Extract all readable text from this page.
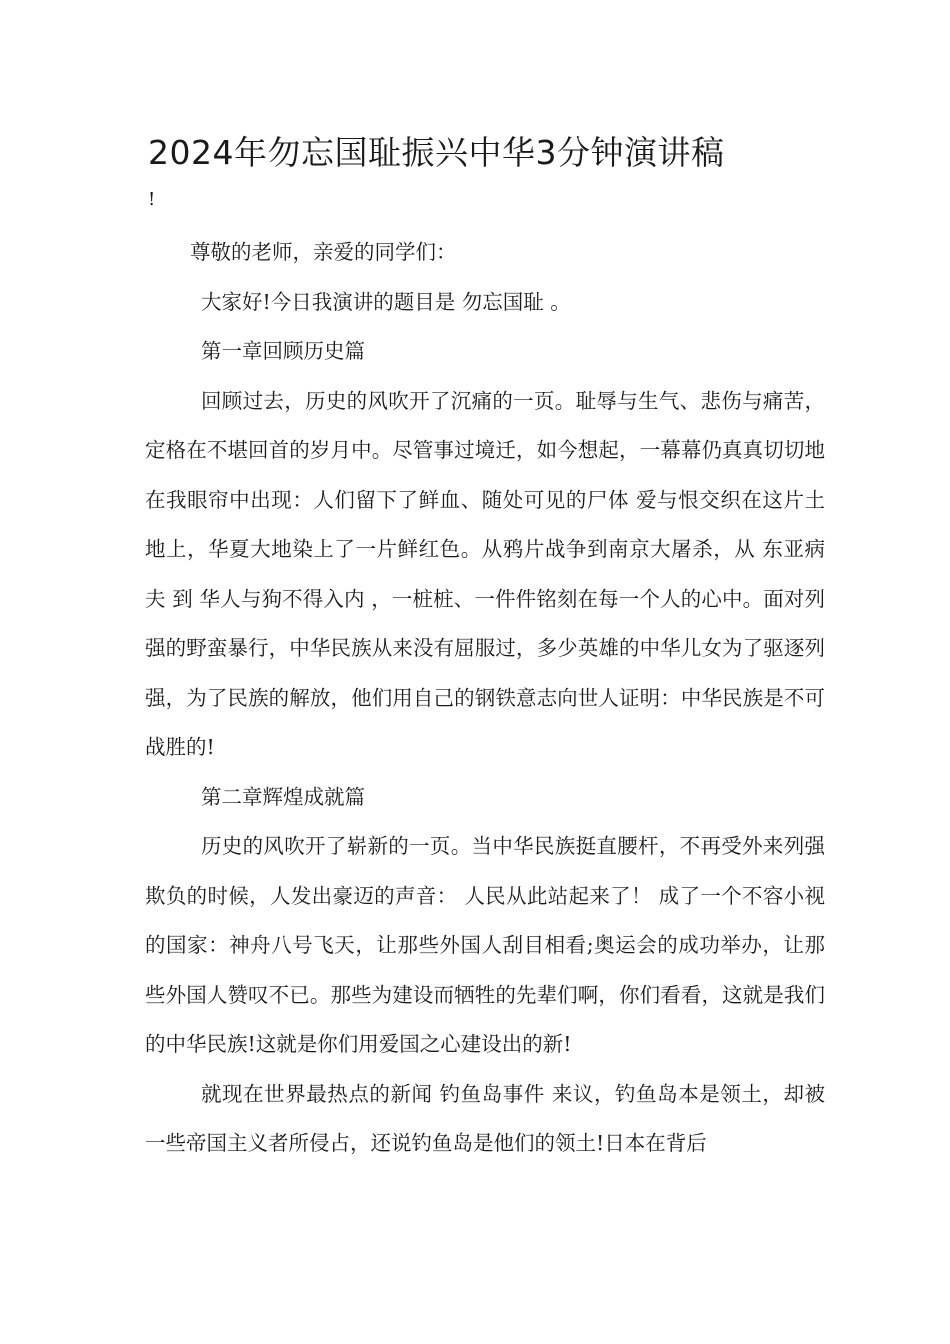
2024年勿忘国耻振兴中华3分钟演讲稿
!

尊敬的老师，亲爱的同学们：

大家好!今日我演讲的题目是 勿忘国耻 。

第一章回顾历史篇

回顾过去，历史的风吹开了沉痛的一页。耻辱与生气、悲伤与痛苦，定格在不堪回首的岁月中。尽管事过境迁，如今想起，一幕幕仍真真切切地在我眼帘中出现：人们留下了鲜血、随处可见的尸体 爱与恨交织在这片土地上，华夏大地染上了一片鲜红色。从鸦片战争到南京大屠杀，从 东亚病夫 到 华人与狗不得入内 ，一桩桩、一件件铭刻在每一个人的心中。面对列强的野蛮暴行，中华民族从来没有屈服过，多少英雄的中华儿女为了驱逐列强，为了民族的解放，他们用自己的钢铁意志向世人证明：中华民族是不可战胜的!

第二章辉煌成就篇

历史的风吹开了崭新的一页。当中华民族挺直腰杆，不再受外来列强欺负的时候，人发出豪迈的声音： 人民从此站起来了！ 成了一个不容小视的国家：神舟八号飞天，让那些外国人刮目相看;奥运会的成功举办，让那些外国人赞叹不已。那些为建设而牺牲的先辈们啊，你们看看，这就是我们的中华民族!这就是你们用爱国之心建设出的新!

就现在世界最热点的新闻 钓鱼岛事件 来议，钓鱼岛本是领土，却被一些帝国主义者所侵占，还说钓鱼岛是他们的领土!日本在背后
